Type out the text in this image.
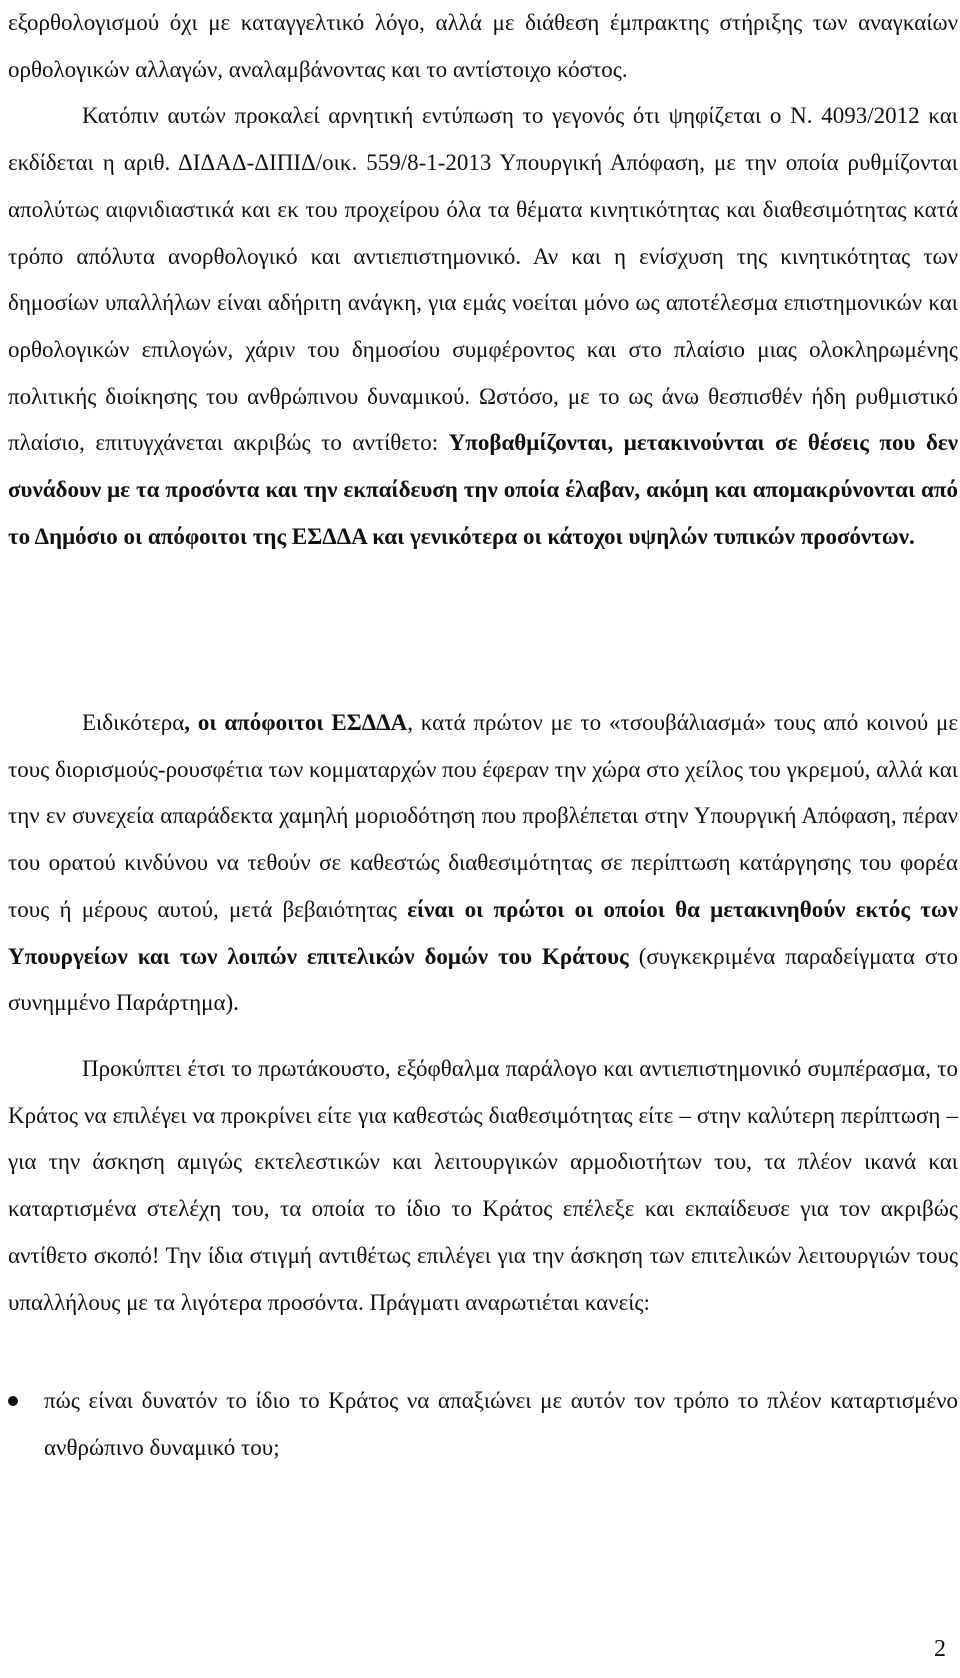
εξορθολογισμού όχι με καταγγελτικό λόγο, αλλά με διάθεση έμπρακτης στήριξης των αναγκαίων ορθολογικών αλλαγών, αναλαμβάνοντας και το αντίστοιχο κόστος.
Κατόπιν αυτών προκαλεί αρνητική εντύπωση το γεγονός ότι ψηφίζεται ο Ν. 4093/2012 και εκδίδεται η αριθ. ΔΙΔΑΔ-ΔΙΠΙΔ/οικ. 559/8-1-2013 Υπουργική Απόφαση, με την οποία ρυθμίζονται απολύτως αιφνιδιαστικά και εκ του προχείρου όλα τα θέματα κινητικότητας και διαθεσιμότητας κατά τρόπο απόλυτα ανορθολογικό και αντιεπιστημονικό. Αν και η ενίσχυση της κινητικότητας των δημοσίων υπαλλήλων είναι αδήριτη ανάγκη, για εμάς νοείται μόνο ως αποτέλεσμα επιστημονικών και ορθολογικών επιλογών, χάριν του δημοσίου συμφέροντος και στο πλαίσιο μιας ολοκληρωμένης πολιτικής διοίκησης του ανθρώπινου δυναμικού. Ωστόσο, με το ως άνω θεσπισθέν ήδη ρυθμιστικό πλαίσιο, επιτυγχάνεται ακριβώς το αντίθετο: Υποβαθμίζονται, μετακινούνται σε θέσεις που δεν συνάδουν με τα προσόντα και την εκπαίδευση την οποία έλαβαν, ακόμη και απομακρύνονται από το Δημόσιο οι απόφοιτοι της ΕΣΔΔΑ και γενικότερα οι κάτοχοι υψηλών τυπικών προσόντων.

Ειδικότερα, οι απόφοιτοι ΕΣΔΔΑ, κατά πρώτον με το «τσουβάλιασμά» τους από κοινού με τους διορισμούς-ρουσφέτια των κομματαρχών που έφεραν την χώρα στο χείλος του γκρεμού, αλλά και την εν συνεχεία απαράδεκτα χαμηλή μοριοδότηση που προβλέπεται στην Υπουργική Απόφαση, πέραν του ορατού κινδύνου να τεθούν σε καθεστώς διαθεσιμότητας σε περίπτωση κατάργησης του φορέα τους ή μέρους αυτού, μετά βεβαιότητας είναι οι πρώτοι οι οποίοι θα μετακινηθούν εκτός των Υπουργείων και των λοιπών επιτελικών δομών του Κράτους (συγκεκριμένα παραδείγματα στο συνημμένο Παράρτημα).

Προκύπτει έτσι το πρωτάκουστο, εξόφθαλμα παράλογο και αντιεπιστημονικό συμπέρασμα, το Κράτος να επιλέγει να προκρίνει είτε για καθεστώς διαθεσιμότητας είτε – στην καλύτερη περίπτωση – για την άσκηση αμιγώς εκτελεστικών και λειτουργικών αρμοδιοτήτων του, τα πλέον ικανά και καταρτισμένα στελέχη του, τα οποία το ίδιο το Κράτος επέλεξε και εκπαίδευσε για τον ακριβώς αντίθετο σκοπό! Την ίδια στιγμή αντιθέτως επιλέγει για την άσκηση των επιτελικών λειτουργιών τους υπαλλήλους με τα λιγότερα προσόντα. Πράγματι αναρωτιέται κανείς:

πώς είναι δυνατόν το ίδιο το Κράτος να απαξιώνει με αυτόν τον τρόπο το πλέον καταρτισμένο ανθρώπινο δυναμικό του;

2
